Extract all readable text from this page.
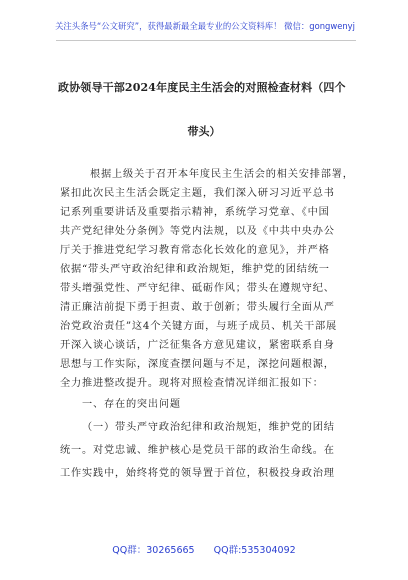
关注头条号“公文研究”，获得最新最全最专业的公文资料库！ 微信：gongwenyj
政协领导干部2024年度民主生活会的对照检查材料（四个
带头）
根据上级关于召开本年度民主生活会的相关安排部署，
紧扣此次民主生活会既定主题，我们深入研习习近平总书
记系列重要讲话及重要指示精神，系统学习党章、《中国
共产党纪律处分条例》等党内法规，以及《中共中央办公
厅关于推进党纪学习教育常态化长效化的意见》，并严格
依据“带头严守政治纪律和政治规矩，维护党的团结统一
带头增强党性、严守纪律、砥砺作风；带头在遵规守纪、
清正廉洁前提下勇于担责、敢于创新；带头履行全面从严
治党政治责任”这4个关键方面，与班子成员、机关干部展
开深入谈心谈话，广泛征集各方意见建议，紧密联系自身
思想与工作实际，深度查摆问题与不足，深挖问题根源，
全力推进整改提升。现将对照检查情况详细汇报如下：
一、存在的突出问题
（一）带头严守政治纪律和政治规矩，维护党的团结
统一。对党忠诚、维护核心是党员干部的政治生命线。在
工作实践中，始终将党的领导置于首位，积极投身政治理
QQ群：30265665 QQ群:535304092
